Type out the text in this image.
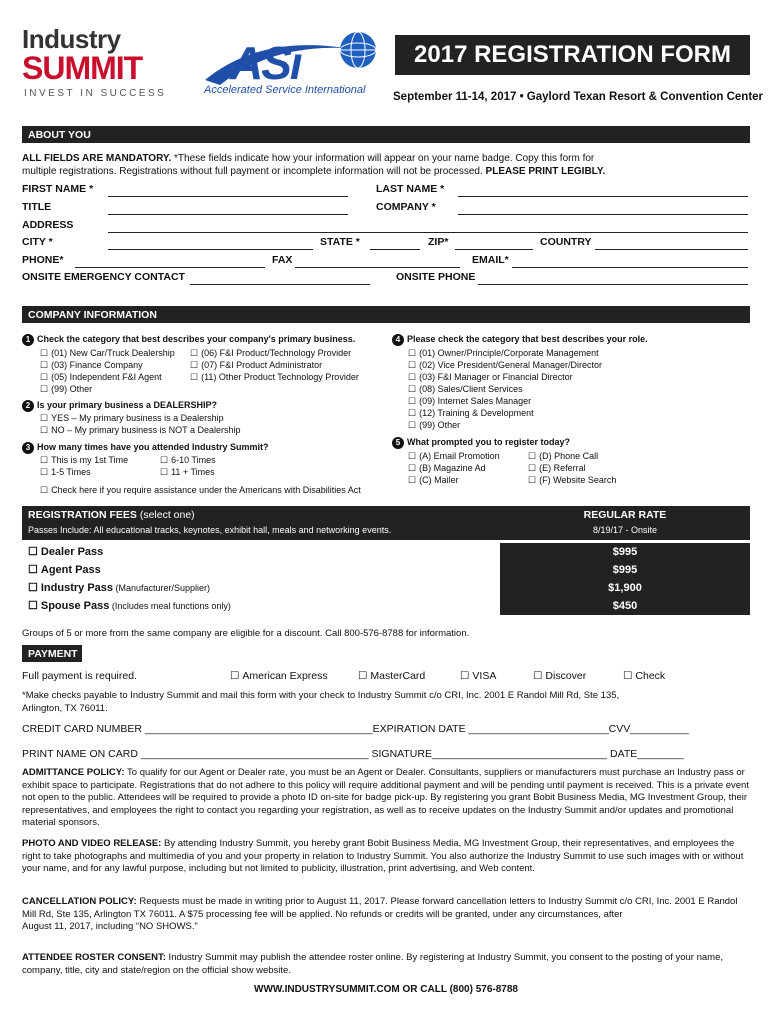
Industry
SUMMIT
INVEST IN SUCCESS
ASi
Accelerated Service International
2017 REGISTRATION FORM
September 11-14, 2017 • Gaylord Texan Resort & Convention Center
ABOUT YOU
ALL FIELDS ARE MANDATORY. *These fields indicate how your information will appear on your name badge. Copy this form for
multiple registrations. Registrations without full payment or incomplete information will not be processed. PLEASE PRINT LEGIBLY.
FIRST NAME *	LAST NAME *
TITLE	COMPANY *
ADDRESS
CITY *	STATE *	ZIP*	COUNTRY
PHONE*	FAX	EMAIL*
ONSITE EMERGENCY CONTACT	ONSITE PHONE
COMPANY INFORMATION
1 Check the category that best describes your company's primary business.
☐ (01) New Car/Truck Dealership
☐ (03) Finance Company
☐ (05) Independent F&I Agent
☐ (99) Other
☐ (06) F&I Product/Technology Provider
☐ (07) F&I Product Administrator
☐ (11) Other Product Technology Provider
2 Is your primary business a DEALERSHIP?
☐ YES – My primary business is a Dealership
☐ NO – My primary business is NOT a Dealership
3 How many times have you attended Industry Summit?
☐ This is my 1st Time
☐ 1-5 Times
☐ 6-10 Times
☐ 11 + Times
4 Please check the category that best describes your role.
☐ (01) Owner/Principle/Corporate Management
☐ (02) Vice President/General Manager/Director
☐ (03) F&I Manager or Financial Director
☐ (08) Sales/Client Services
☐ (09) Internet Sales Manager
☐ (12) Training & Development
☐ (99) Other
5 What prompted you to register today?
☐ (A) Email Promotion
☐ (B) Magazine Ad
☐ (C) Mailer
☐ (D) Phone Call
☐ (E) Referral
☐ (F) Website Search
☐ Check here if you require assistance under the Americans with Disabilities Act
REGISTRATION FEES (select one)
Passes Include: All educational tracks, keynotes, exhibit hall, meals and networking events.
REGULAR RATE
8/19/17 - Onsite
☐ Dealer Pass	$995
☐ Agent Pass	$995
☐ Industry Pass (Manufacturer/Supplier)	$1,900
☐ Spouse Pass (Includes meal functions only)	$450
Groups of 5 or more from the same company are eligible for a discount. Call 800-576-8788 for information.
PAYMENT
Full payment is required.	☐ American Express	☐ MasterCard	☐ VISA	☐ Discover	☐ Check
*Make checks payable to Industry Summit and mail this form with your check to Industry Summit c/o CRI, Inc. 2001 E Randol Mill Rd, Ste 135,
Arlington, TX 76011.
CREDIT CARD NUMBER _______________________________________EXPIRATION DATE ________________________CVV__________
PRINT NAME ON CARD _______________________________________ SIGNATURE______________________________ DATE________
ADMITTANCE POLICY: To qualify for our Agent or Dealer rate, you must be an Agent or Dealer. Consultants, suppliers or manufacturers must purchase an Industry pass or exhibit space to participate. Registrations that do not adhere to this policy will require additional payment and will be pending until payment is received. This is a private event not open to the public. Attendees will be required to provide a photo ID on-site for badge pick-up. By registering you grant Bobit Business Media, MG Investment Group, their representatives, and employees the right to contact you regarding your registration, as well as to receive updates on the Industry Summit and/or updates and promotional material sponsors.
PHOTO AND VIDEO RELEASE: By attending Industry Summit, you hereby grant Bobit Business Media, MG Investment Group, their representatives, and employees the right to take photographs and multimedia of you and your property in relation to Industry Summit. You also authorize the Industry Summit to use such images with or without your name, and for any lawful purpose, including but not limited to publicity, illustration, print advertising, and Web content.
CANCELLATION POLICY: Requests must be made in writing prior to August 11, 2017. Please forward cancellation letters to Industry Summit c/o CRI, Inc. 2001 E Randol Mill Rd, Ste 135, Arlington TX 76011. A $75 processing fee will be applied. No refunds or credits will be granted, under any circumstances, after
August 11, 2017, including “NO SHOWS.”
ATTENDEE ROSTER CONSENT: Industry Summit may publish the attendee roster online. By registering at Industry Summit, you consent to the posting of your name, company, title, city and state/region on the official show website.
WWW.INDUSTRYSUMMIT.COM OR CALL (800) 576-8788
